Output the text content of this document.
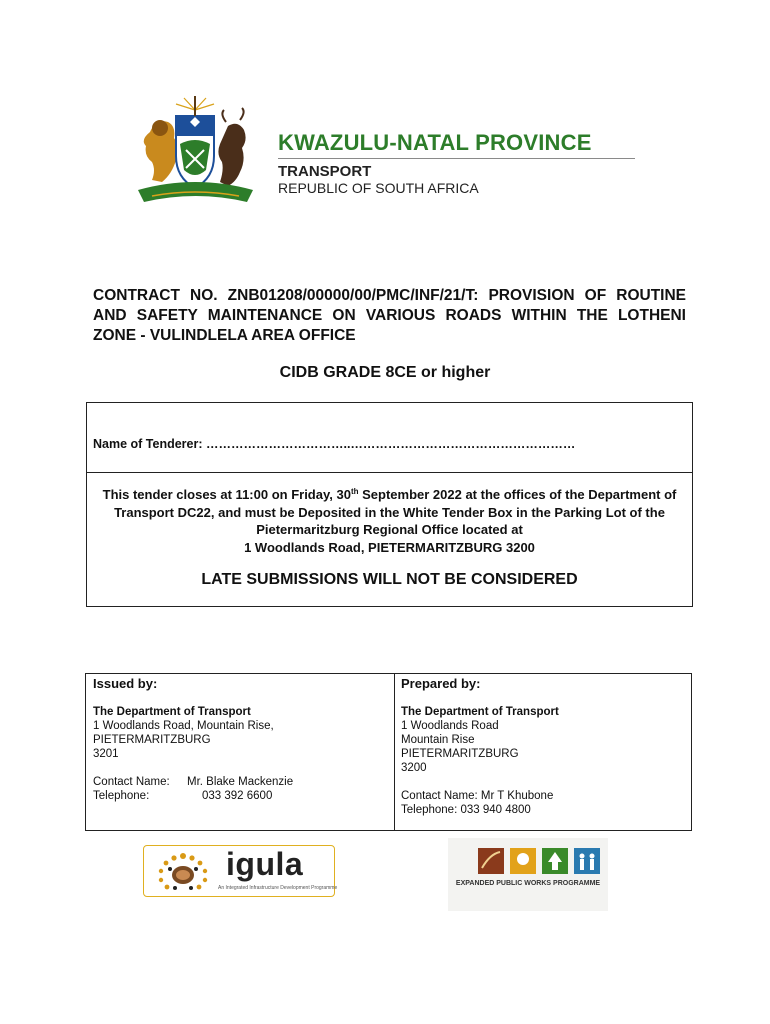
KWAZULU-NATAL PROVINCE
TRANSPORT
REPUBLIC OF SOUTH AFRICA
CONTRACT NO. ZNB01208/00000/00/PMC/INF/21/T: PROVISION OF ROUTINE AND SAFETY MAINTENANCE ON VARIOUS ROADS WITHIN THE LOTHENI ZONE - VULINDLELA AREA OFFICE
CIDB GRADE 8CE or higher
Name of Tenderer: ……………………………..………………………………………………
This tender closes at 11:00 on Friday, 30th September 2022 at the offices of the Department of Transport DC22, and must be Deposited in the White Tender Box in the Parking Lot of the Pietermaritzburg Regional Office located at
1 Woodlands Road, PIETERMARITZBURG 3200
LATE SUBMISSIONS WILL NOT BE CONSIDERED
Issued by:
The Department of Transport
1 Woodlands Road, Mountain Rise,
PIETERMARITZBURG
3201
Contact Name:	Mr. Blake Mackenzie
Telephone:	033 392 6600
Prepared by:
The Department of Transport
1 Woodlands Road
Mountain Rise
PIETERMARITZBURG
3200
Contact Name: Mr T Khubone
Telephone: 033 940 4800
igula
An Integrated Infrastructure Development Programme
EXPANDED PUBLIC WORKS PROGRAMME
